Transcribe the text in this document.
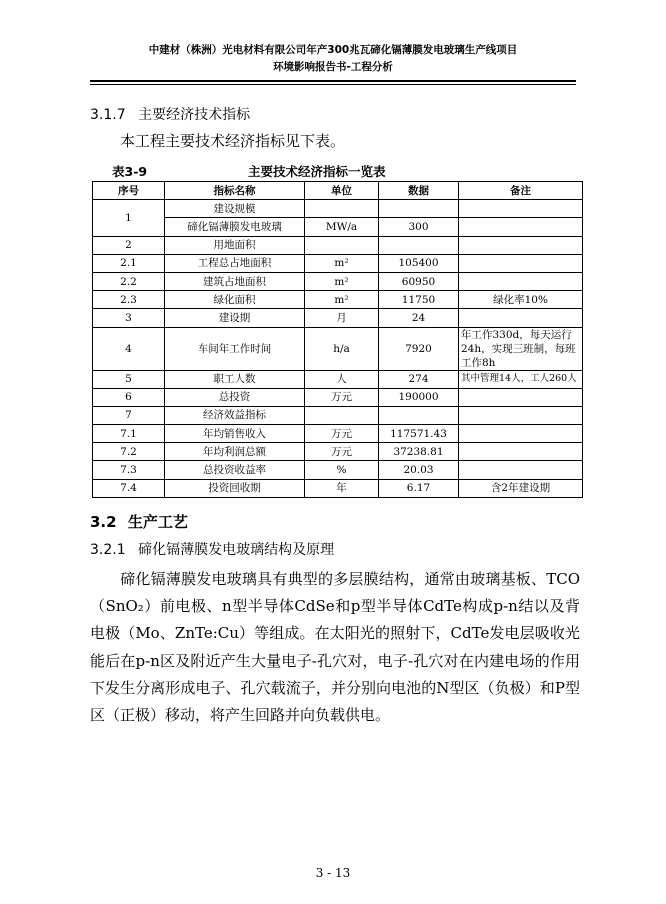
中建材（株洲）光电材料有限公司年产300兆瓦碲化镉薄膜发电玻璃生产线项目
环境影响报告书-工程分析
3.1.7 主要经济技术指标
本工程主要技术经济指标见下表。
表3-9	主要技术经济指标一览表
序号	指标名称	单位	数据	备注
1	建设规模			
	碲化镉薄膜发电玻璃	MW/a	300	
2	用地面积			
2.1	工程总占地面积	m²	105400	
2.2	建筑占地面积	m²	60950	
2.3	绿化面积	m²	11750	绿化率10%
3	建设期	月	24	
4	车间年工作时间	h/a	7920	年工作330d，每天运行24h，实现三班制，每班工作8h
5	职工人数	人	274	其中管理14人，工人260人
6	总投资	万元	190000	
7	经济效益指标			
7.1	年均销售收入	万元	117571.43	
7.2	年均利润总额	万元	37238.81	
7.3	总投资收益率	%	20.03	
7.4	投资回收期	年	6.17	含2年建设期
3.2 生产工艺
3.2.1 碲化镉薄膜发电玻璃结构及原理
碲化镉薄膜发电玻璃具有典型的多层膜结构，通常由玻璃基板、TCO（SnO₂）前电极、n型半导体CdSe和p型半导体CdTe构成p-n结以及背电极（Mo、ZnTe:Cu）等组成。在太阳光的照射下，CdTe发电层吸收光能后在p-n区及附近产生大量电子-孔穴对，电子-孔穴对在内建电场的作用下发生分离形成电子、孔穴载流子，并分别向电池的N型区（负极）和P型区（正极）移动，将产生回路并向负载供电。
3 - 13
